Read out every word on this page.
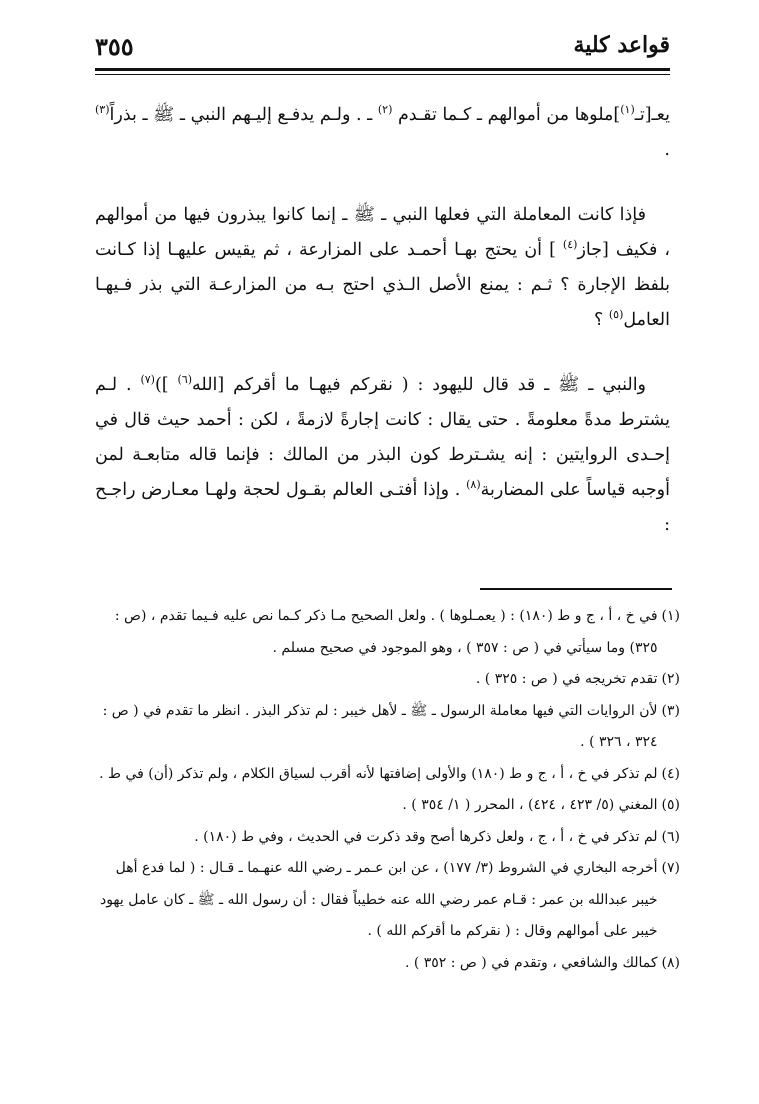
قواعد كلية
٣٥٥

يعـ[تـ$^{(١)}$]ملوها من أموالهم ـ كـما تقـدم $^{(٢)}$ ـ . ولـم يدفـع إليـهم النبي ـ ﷺ ـ بذراً$^{(٣)}$ .

فإذا كانت المعاملة التي فعلها النبي ـ ﷺ ـ إنما كانوا يبذرون فيها من أموالهم ، فكيف [جاز$^{(٤)}$ ] أن يحتج بهـا أحمـد على المزارعة ، ثم يقيس عليهـا إذا كـانت بلفظ الإجارة ؟ ثـم : يمنع الأصل الـذي احتج بـه من المزارعـة التي بذر فـيهـا العامل$^{(٥)}$ ؟

والنبي ـ ﷺ ـ قد قال لليهود : ( نقركم فيهـا ما أقركم [الله$^{(٦)}$ ])$^{(٧)}$ . لـم يشترط مدةً معلومةً . حتى يقال : كانت إجارةً لازمةً ، لكن : أحمد حيث قال في إحـدى الروايتين : إنه يشـترط كون البذر من المالك : فإنما قاله متابعـة لمن أوجبه قياساً على المضاربة$^{(٨)}$ . وإذا أفتـى العالم بقـول لحجة ولهـا معـارض راجـح :

(١)
في خ ، أ ، ج و ط (١٨٠) : ( يعمـلوها ) . ولعل الصحيح مـا ذكر كـما نص عليه فـيما تقدم ، (ص : ٣٢٥) وما سيأتي في ( ص : ٣٥٧ ) ، وهو الموجود في صحيح مسلم .
(٢)
تقدم تخريجه في ( ص : ٣٢٥ ) .
(٣)
لأن الروايات التي فيها معاملة الرسول ـ ﷺ ـ لأهل خيبر : لم تذكر البذر . انظر ما تقدم في ( ص : ٣٢٤ ، ٣٢٦ ) .
(٤)
لم تذكر في خ ، أ ، ج و ط (١٨٠) والأولى إضافتها لأنه أقرب لسياق الكلام ، ولم تذكر (أن) في ط .
(٥)
المغني (٥/ ٤٢٣ ، ٤٢٤) ، المحرر ( ١/ ٣٥٤ ) .
(٦)
لم تذكر في خ ، أ ، ج ، ولعل ذكرها أصح وقد ذكرت في الحديث ، وفي ط (١٨٠) .
(٧)
أخرجه البخاري في الشروط (٣/ ١٧٧) ، عن ابن عـمر ـ رضي الله عنهـما ـ قـال : ( لما فدع أهل خيبر عبدالله بن عمر : قـام عمر رضي الله عنه خطيباً فقال : أن رسول الله ـ ﷺ ـ كان عامل يهود خيبر على أموالهم وقال : ( نقركم ما أقركم الله ) .
(٨)
كمالك والشافعي ، وتقدم في ( ص : ٣٥٢ ) .
